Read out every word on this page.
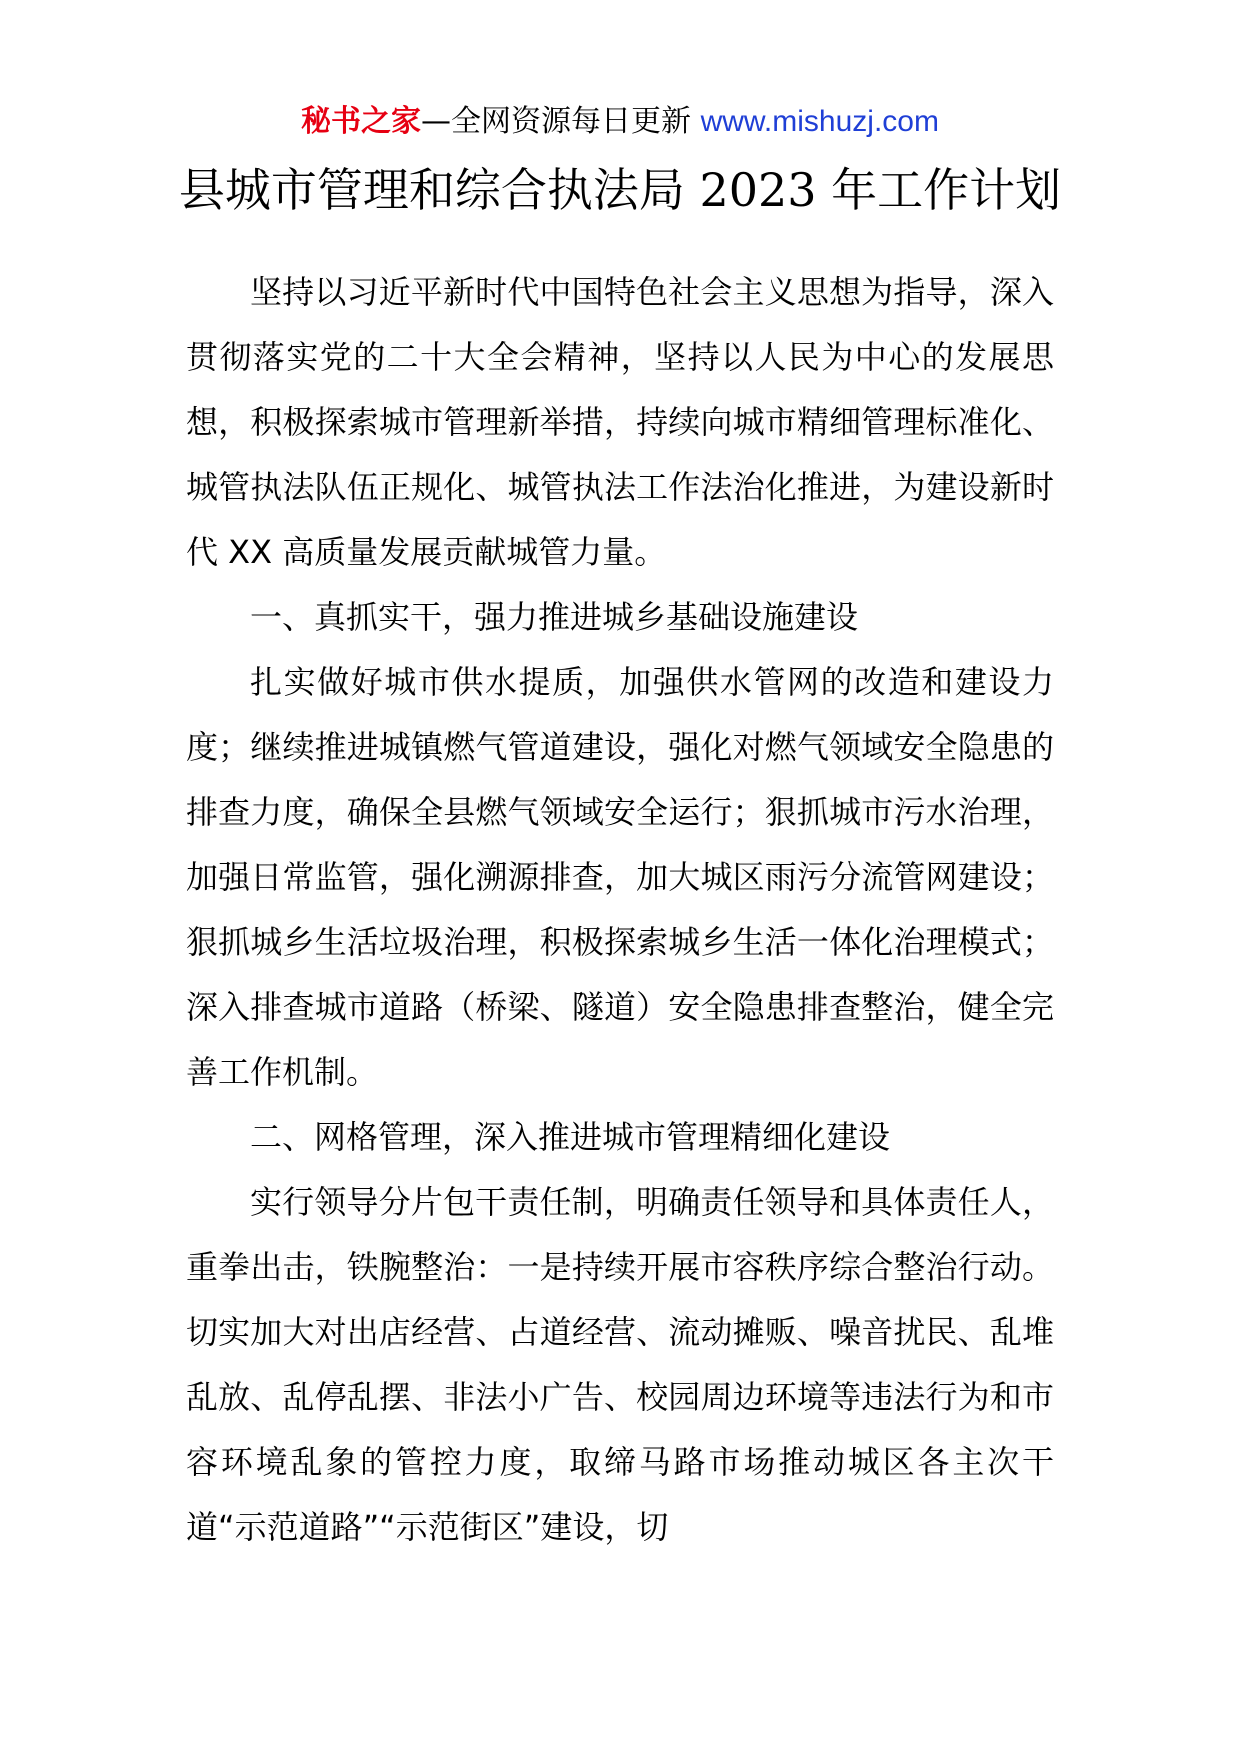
秘书之家—全网资源每日更新 www.mishuzj.com
县城市管理和综合执法局 2023 年工作计划

坚持以习近平新时代中国特色社会主义思想为指导，深入贯彻落实党的二十大全会精神，坚持以人民为中心的发展思想，积极探索城市管理新举措，持续向城市精细管理标准化、城管执法队伍正规化、城管执法工作法治化推进，为建设新时代 XX 高质量发展贡献城管力量。

一、真抓实干，强力推进城乡基础设施建设

扎实做好城市供水提质，加强供水管网的改造和建设力度；继续推进城镇燃气管道建设，强化对燃气领域安全隐患的排查力度，确保全县燃气领域安全运行；狠抓城市污水治理，加强日常监管，强化溯源排查，加大城区雨污分流管网建设；狠抓城乡生活垃圾治理，积极探索城乡生活一体化治理模式；深入排查城市道路（桥梁、隧道）安全隐患排查整治，健全完善工作机制。

二、网格管理，深入推进城市管理精细化建设

实行领导分片包干责任制，明确责任领导和具体责任人，重拳出击，铁腕整治：一是持续开展市容秩序综合整治行动。切实加大对出店经营、占道经营、流动摊贩、噪音扰民、乱堆乱放、乱停乱摆、非法小广告、校园周边环境等违法行为和市容环境乱象的管控力度，取缔马路市场推动城区各主次干道“示范道路”“示范街区”建设，切
